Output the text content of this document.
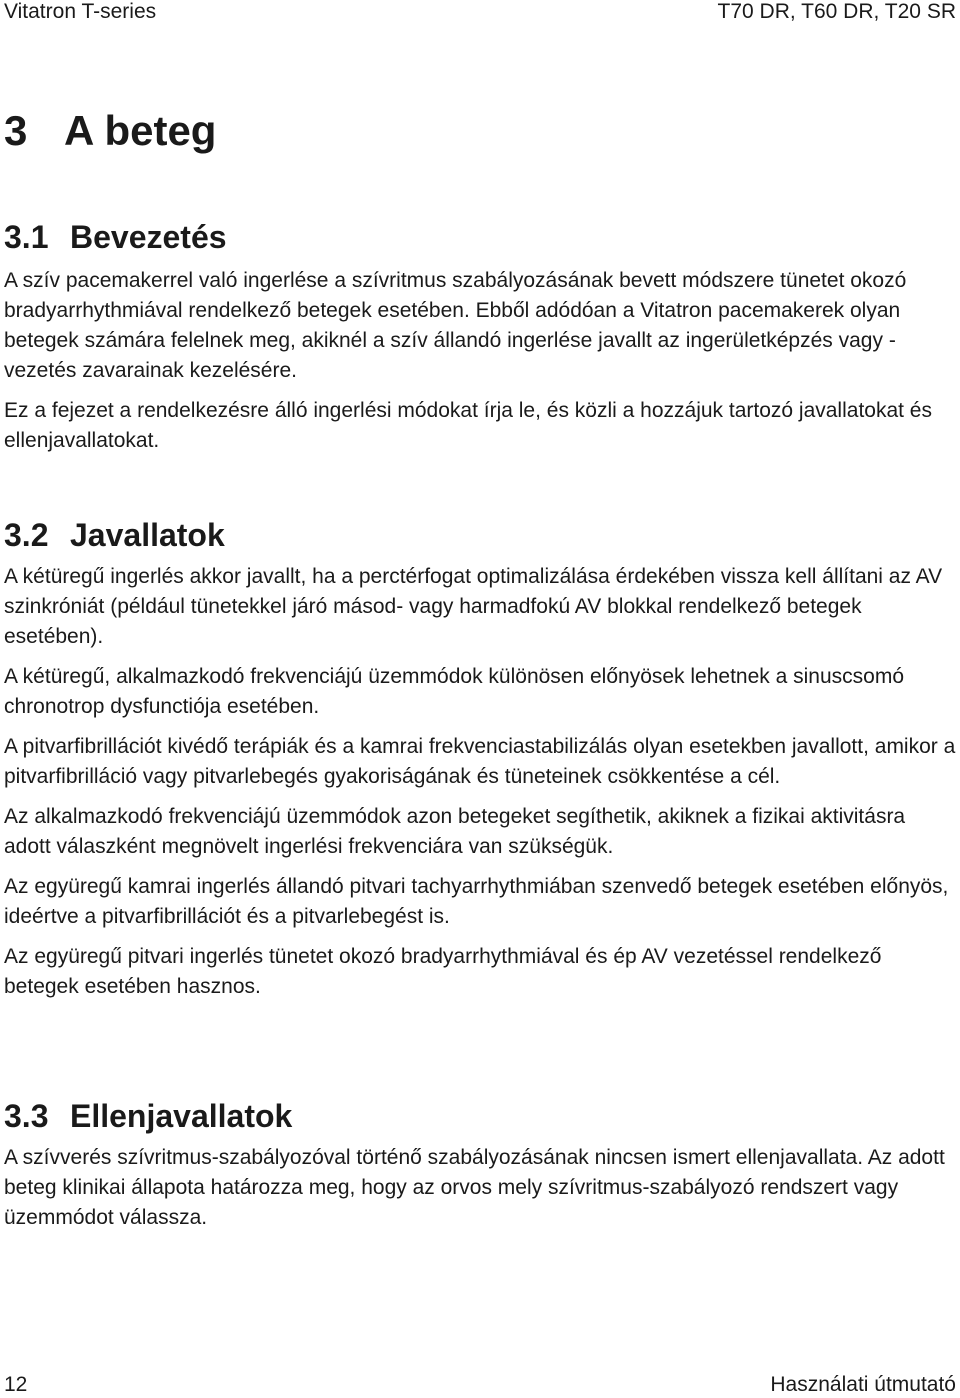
Vitatron T-series	T70 DR, T60 DR, T20 SR
3 A beteg
3.1 Bevezetés

A szív pacemakerrel való ingerlése a szívritmus szabályozásának bevett módszere tünetet okozó bradyarrhythmiával rendelkező betegek esetében. Ebből adódóan a Vitatron pacemakerek olyan betegek számára felelnek meg, akiknél a szív állandó ingerlése javallt az ingerületképzés vagy -vezetés zavarainak kezelésére.

Ez a fejezet a rendelkezésre álló ingerlési módokat írja le, és közli a hozzájuk tartozó javallatokat és ellenjavallatokat.

3.2 Javallatok

A kétüregű ingerlés akkor javallt, ha a perctérfogat optimalizálása érdekében vissza kell állítani az AV szinkróniát (például tünetekkel járó másod- vagy harmadfokú AV blokkal rendelkező betegek esetében).

A kétüregű, alkalmazkodó frekvenciájú üzemmódok különösen előnyösek lehetnek a sinuscsomó chronotrop dysfunctiója esetében.

A pitvarfibrillációt kivédő terápiák és a kamrai frekvenciastabilizálás olyan esetekben javallott, amikor a pitvarfibrilláció vagy pitvarlebegés gyakoriságának és tüneteinek csökkentése a cél.

Az alkalmazkodó frekvenciájú üzemmódok azon betegeket segíthetik, akiknek a fizikai aktivitásra adott válaszként megnövelt ingerlési frekvenciára van szükségük.

Az együregű kamrai ingerlés állandó pitvari tachyarrhythmiában szenvedő betegek esetében előnyös, ideértve a pitvarfibrillációt és a pitvarlebegést is.

Az együregű pitvari ingerlés tünetet okozó bradyarrhythmiával és ép AV vezetéssel rendelkező betegek esetében hasznos.

3.3 Ellenjavallatok

A szívverés szívritmus-szabályozóval történő szabályozásának nincsen ismert ellenjavallata. Az adott beteg klinikai állapota határozza meg, hogy az orvos mely szívritmus-szabályozó rendszert vagy üzemmódot válassza.

12	Használati útmutató
